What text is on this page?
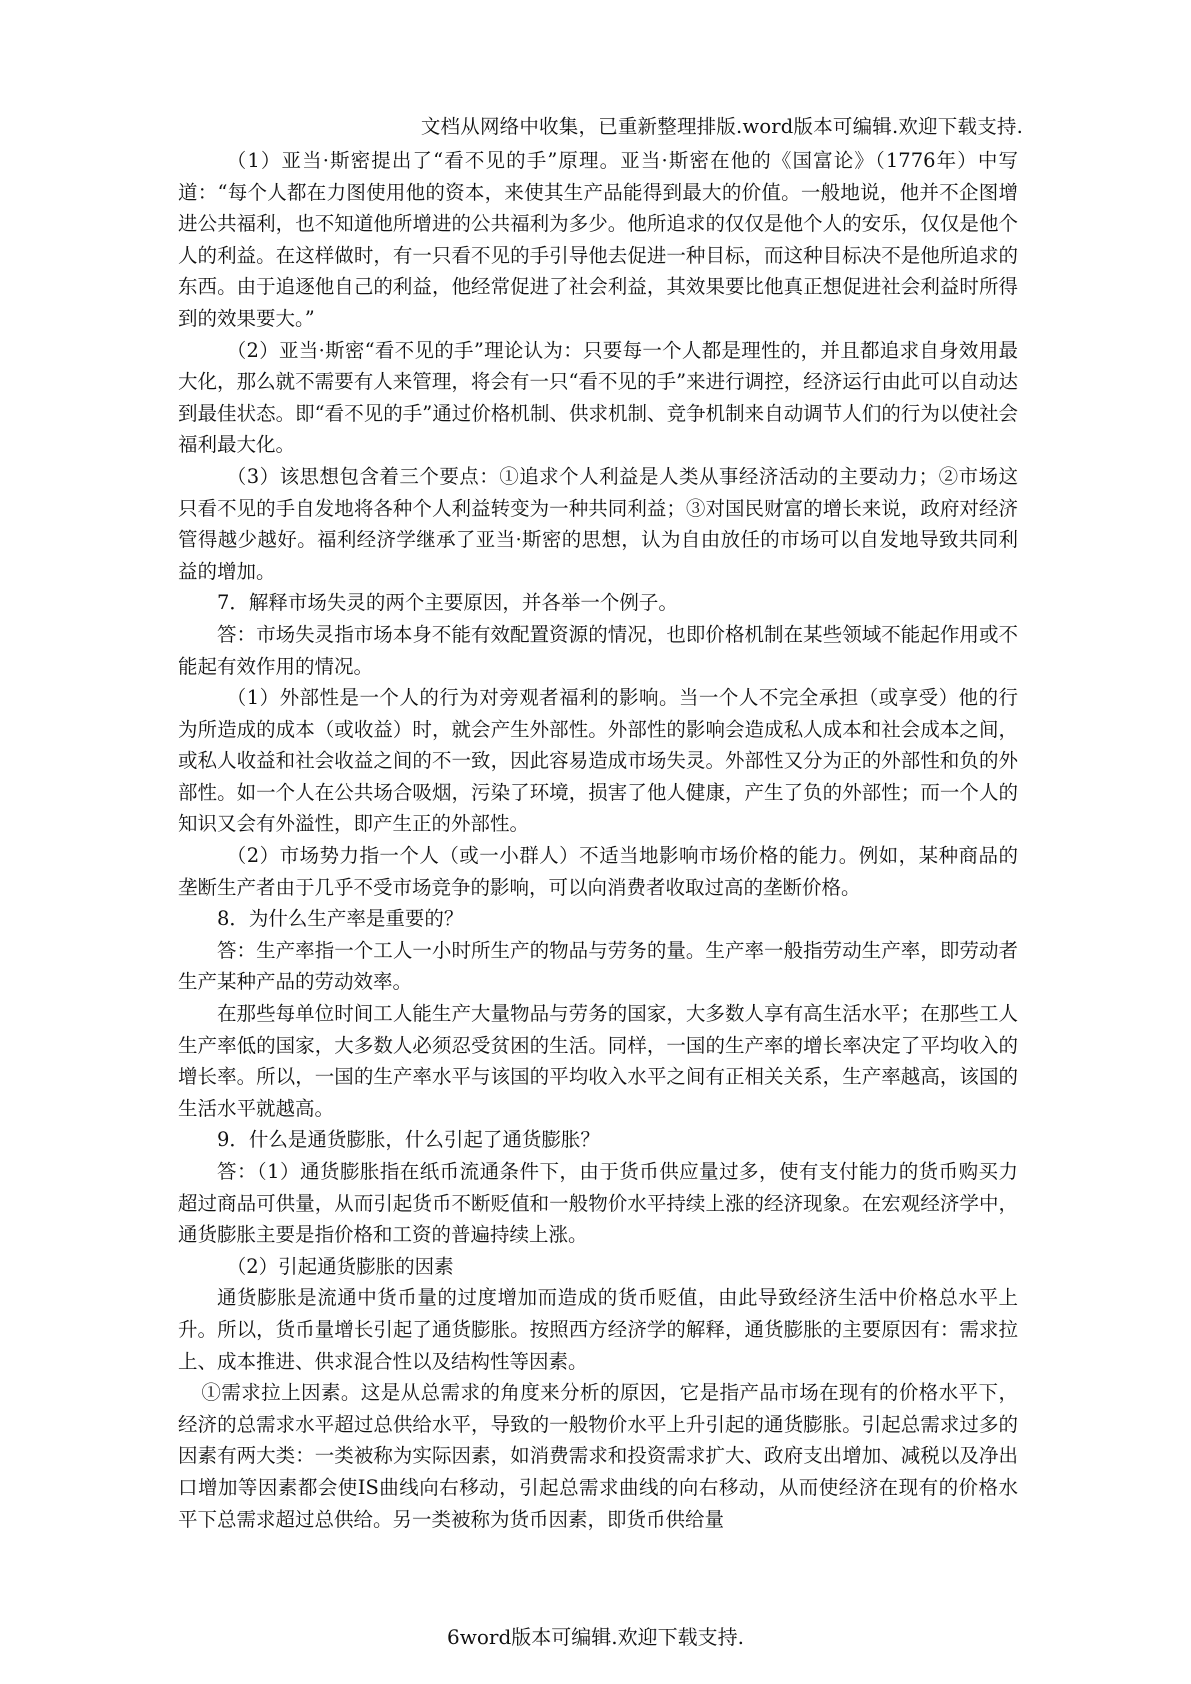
文档从网络中收集，已重新整理排版.word版本可编辑.欢迎下载支持.

（1）亚当·斯密提出了“看不见的手”原理。亚当·斯密在他的《国富论》（1776年）中写道：“每个人都在力图使用他的资本，来使其生产品能得到最大的价值。一般地说，他并不企图增进公共福利，也不知道他所增进的公共福利为多少。他所追求的仅仅是他个人的安乐，仅仅是他个人的利益。在这样做时，有一只看不见的手引导他去促进一种目标，而这种目标决不是他所追求的东西。由于追逐他自己的利益，他经常促进了社会利益，其效果要比他真正想促进社会利益时所得到的效果要大。”

（2）亚当·斯密“看不见的手”理论认为：只要每一个人都是理性的，并且都追求自身效用最大化，那么就不需要有人来管理，将会有一只“看不见的手”来进行调控，经济运行由此可以自动达到最佳状态。即“看不见的手”通过价格机制、供求机制、竞争机制来自动调节人们的行为以使社会福利最大化。

（3）该思想包含着三个要点：①追求个人利益是人类从事经济活动的主要动力；②市场这只看不见的手自发地将各种个人利益转变为一种共同利益；③对国民财富的增长来说，政府对经济管得越少越好。福利经济学继承了亚当·斯密的思想，认为自由放任的市场可以自发地导致共同利益的增加。

7．解释市场失灵的两个主要原因，并各举一个例子。

答：市场失灵指市场本身不能有效配置资源的情况，也即价格机制在某些领域不能起作用或不能起有效作用的情况。

（1）外部性是一个人的行为对旁观者福利的影响。当一个人不完全承担（或享受）他的行为所造成的成本（或收益）时，就会产生外部性。外部性的影响会造成私人成本和社会成本之间，或私人收益和社会收益之间的不一致，因此容易造成市场失灵。外部性又分为正的外部性和负的外部性。如一个人在公共场合吸烟，污染了环境，损害了他人健康，产生了负的外部性；而一个人的知识又会有外溢性，即产生正的外部性。

（2）市场势力指一个人（或一小群人）不适当地影响市场价格的能力。例如，某种商品的垄断生产者由于几乎不受市场竞争的影响，可以向消费者收取过高的垄断价格。

8．为什么生产率是重要的？

答：生产率指一个工人一小时所生产的物品与劳务的量。生产率一般指劳动生产率，即劳动者生产某种产品的劳动效率。

在那些每单位时间工人能生产大量物品与劳务的国家，大多数人享有高生活水平；在那些工人生产率低的国家，大多数人必须忍受贫困的生活。同样，一国的生产率的增长率决定了平均收入的增长率。所以，一国的生产率水平与该国的平均收入水平之间有正相关关系，生产率越高，该国的生活水平就越高。

9．什么是通货膨胀，什么引起了通货膨胀？

答：（1）通货膨胀指在纸币流通条件下，由于货币供应量过多，使有支付能力的货币购买力超过商品可供量，从而引起货币不断贬值和一般物价水平持续上涨的经济现象。在宏观经济学中，通货膨胀主要是指价格和工资的普遍持续上涨。

（2）引起通货膨胀的因素

通货膨胀是流通中货币量的过度增加而造成的货币贬值，由此导致经济生活中价格总水平上升。所以，货币量增长引起了通货膨胀。按照西方经济学的解释，通货膨胀的主要原因有：需求拉上、成本推进、供求混合性以及结构性等因素。

①需求拉上因素。这是从总需求的角度来分析的原因，它是指产品市场在现有的价格水平下，经济的总需求水平超过总供给水平，导致的一般物价水平上升引起的通货膨胀。引起总需求过多的因素有两大类：一类被称为实际因素，如消费需求和投资需求扩大、政府支出增加、减税以及净出口增加等因素都会使IS曲线向右移动，引起总需求曲线的向右移动，从而使经济在现有的价格水平下总需求超过总供给。另一类被称为货币因素，即货币供给量

6word版本可编辑.欢迎下载支持.
